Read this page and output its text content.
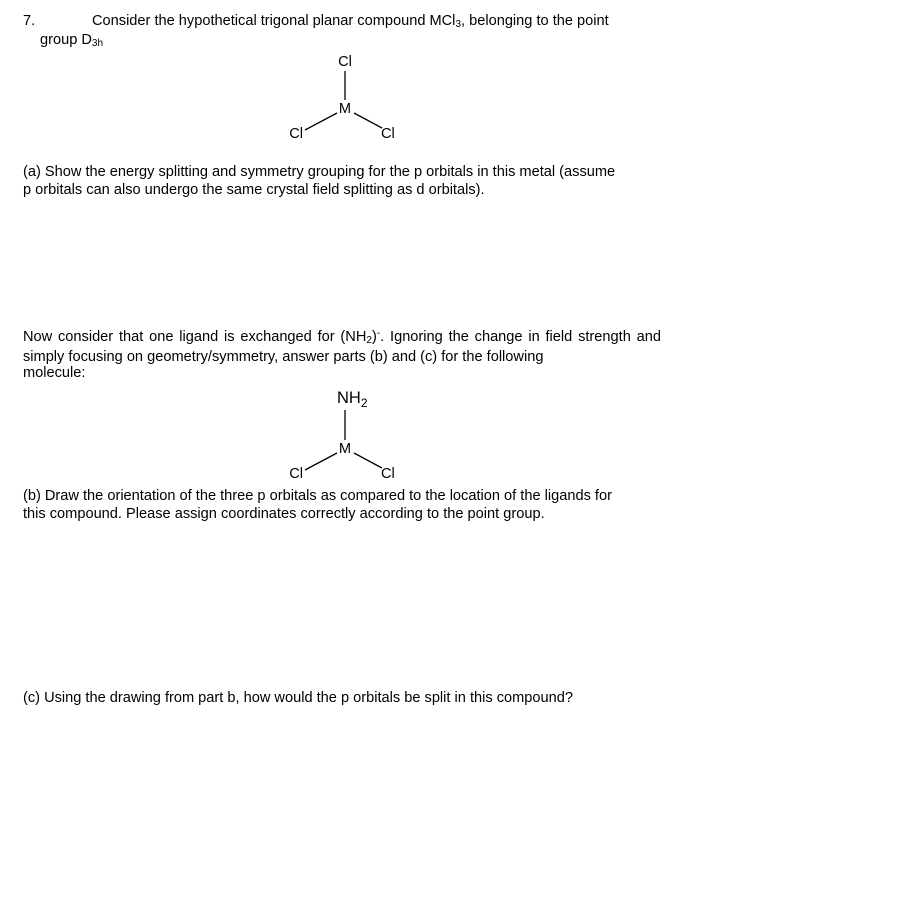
7.	Consider the hypothetical trigonal planar compound MCl3, belonging to the point
group D3h
Cl
M
Cl	Cl
(a) Show the energy splitting and symmetry grouping for the p orbitals in this metal (assume
p orbitals can also undergo the same crystal field splitting as d orbitals).
Now consider that one ligand is exchanged for (NH2)-. Ignoring the change in field strength and simply focusing on geometry/symmetry, answer parts (b) and (c) for the following
molecule:
$NH_2$
M
Cl	Cl
(b) Draw the orientation of the three p orbitals as compared to the location of the ligands for
this compound. Please assign coordinates correctly according to the point group.
(c) Using the drawing from part b, how would the p orbitals be split in this compound?
